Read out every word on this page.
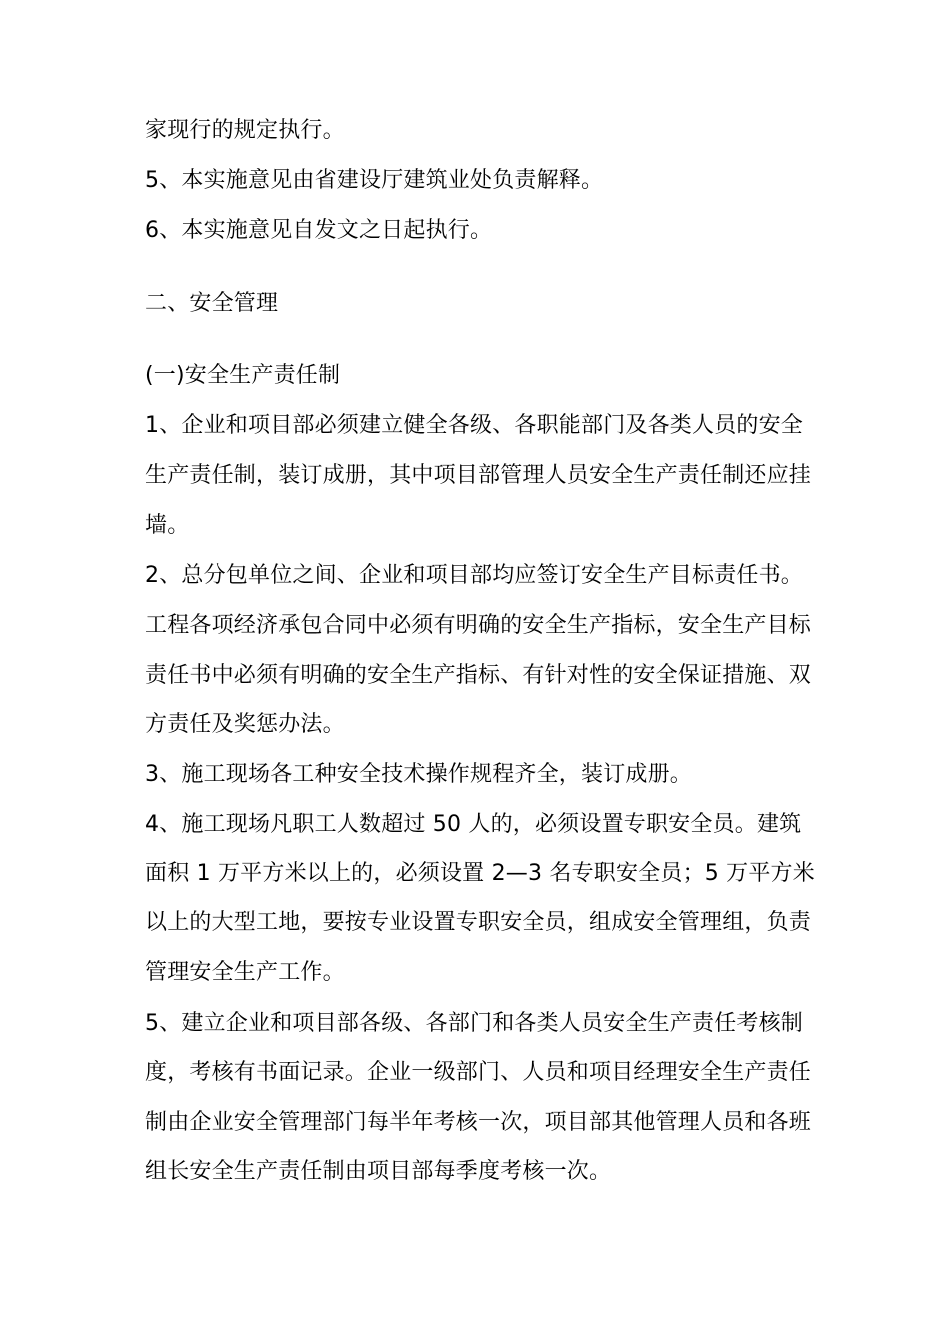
家现行的规定执行。
5、本实施意见由省建设厅建筑业处负责解释。
6、本实施意见自发文之日起执行。
二、安全管理
(一)安全生产责任制
1、企业和项目部必须建立健全各级、各职能部门及各类人员的安全
生产责任制，装订成册，其中项目部管理人员安全生产责任制还应挂
墙。
2、总分包单位之间、企业和项目部均应签订安全生产目标责任书。
工程各项经济承包合同中必须有明确的安全生产指标，安全生产目标
责任书中必须有明确的安全生产指标、有针对性的安全保证措施、双
方责任及奖惩办法。
3、施工现场各工种安全技术操作规程齐全，装订成册。
4、施工现场凡职工人数超过 50 人的，必须设置专职安全员。建筑
面积 1 万平方米以上的，必须设置 2—3 名专职安全员；5 万平方米
以上的大型工地，要按专业设置专职安全员，组成安全管理组，负责
管理安全生产工作。
5、建立企业和项目部各级、各部门和各类人员安全生产责任考核制
度，考核有书面记录。企业一级部门、人员和项目经理安全生产责任
制由企业安全管理部门每半年考核一次，项目部其他管理人员和各班
组长安全生产责任制由项目部每季度考核一次。
